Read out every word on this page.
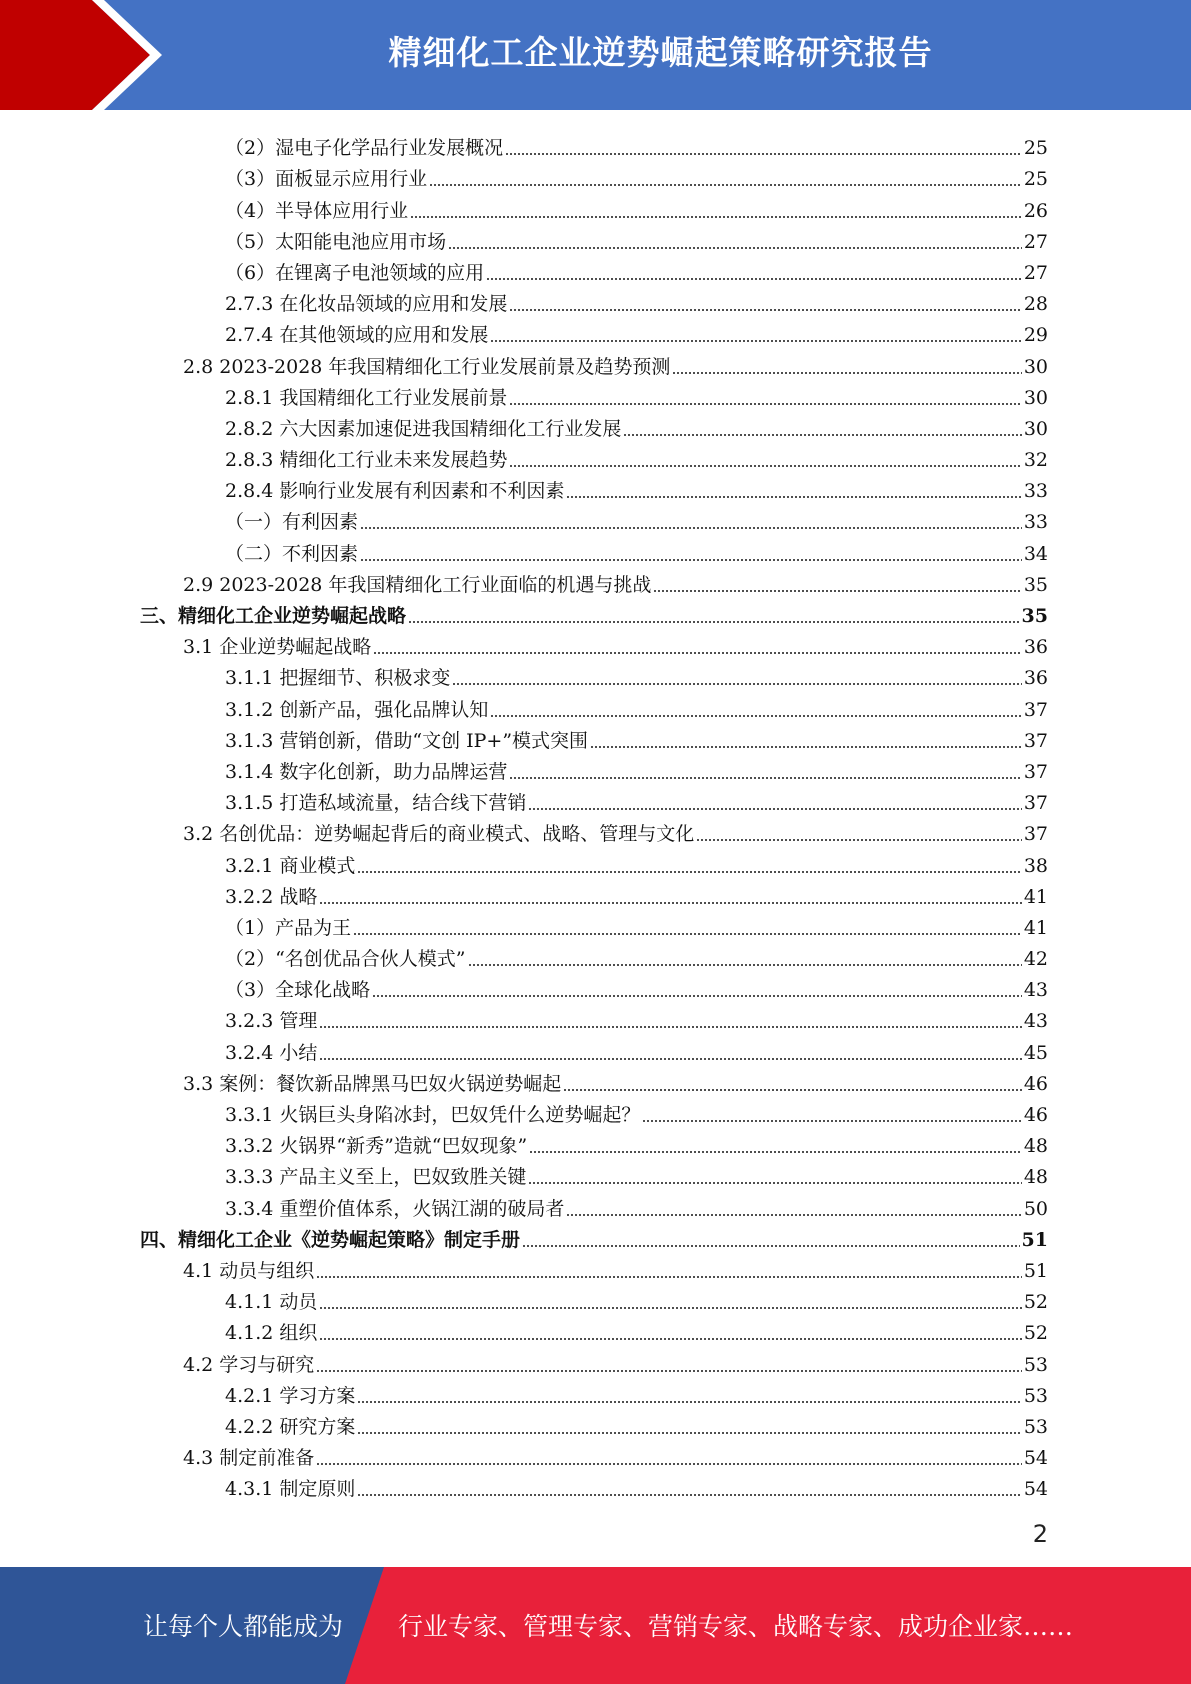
精细化工企业逆势崛起策略研究报告
（2）湿电子化学品行业发展概况	25
（3）面板显示应用行业	25
（4）半导体应用行业	26
（5）太阳能电池应用市场	27
（6）在锂离子电池领域的应用	27
2.7.3 在化妆品领域的应用和发展	28
2.7.4 在其他领域的应用和发展	29
2.8 2023-2028 年我国精细化工行业发展前景及趋势预测	30
2.8.1 我国精细化工行业发展前景	30
2.8.2 六大因素加速促进我国精细化工行业发展	30
2.8.3 精细化工行业未来发展趋势	32
2.8.4 影响行业发展有利因素和不利因素	33
（一）有利因素	33
（二）不利因素	34
2.9 2023-2028 年我国精细化工行业面临的机遇与挑战	35
三、精细化工企业逆势崛起战略	35
3.1 企业逆势崛起战略	36
3.1.1 把握细节、积极求变	36
3.1.2 创新产品，强化品牌认知	37
3.1.3 营销创新，借助“文创 IP+”模式突围	37
3.1.4 数字化创新，助力品牌运营	37
3.1.5 打造私域流量，结合线下营销	37
3.2 名创优品：逆势崛起背后的商业模式、战略、管理与文化	37
3.2.1 商业模式	38
3.2.2 战略	41
（1）产品为王	41
（2）“名创优品合伙人模式”	42
（3）全球化战略	43
3.2.3 管理	43
3.2.4 小结	45
3.3 案例：餐饮新品牌黑马巴奴火锅逆势崛起	46
3.3.1 火锅巨头身陷冰封，巴奴凭什么逆势崛起？	46
3.3.2 火锅界“新秀”造就“巴奴现象”	48
3.3.3 产品主义至上，巴奴致胜关键	48
3.3.4 重塑价值体系，火锅江湖的破局者	50
四、精细化工企业《逆势崛起策略》制定手册	51
4.1 动员与组织	51
4.1.1 动员	52
4.1.2 组织	52
4.2 学习与研究	53
4.2.1 学习方案	53
4.2.2 研究方案	53
4.3 制定前准备	54
4.3.1 制定原则	54
2
让每个人都能成为 行业专家、管理专家、营销专家、战略专家、成功企业家……
